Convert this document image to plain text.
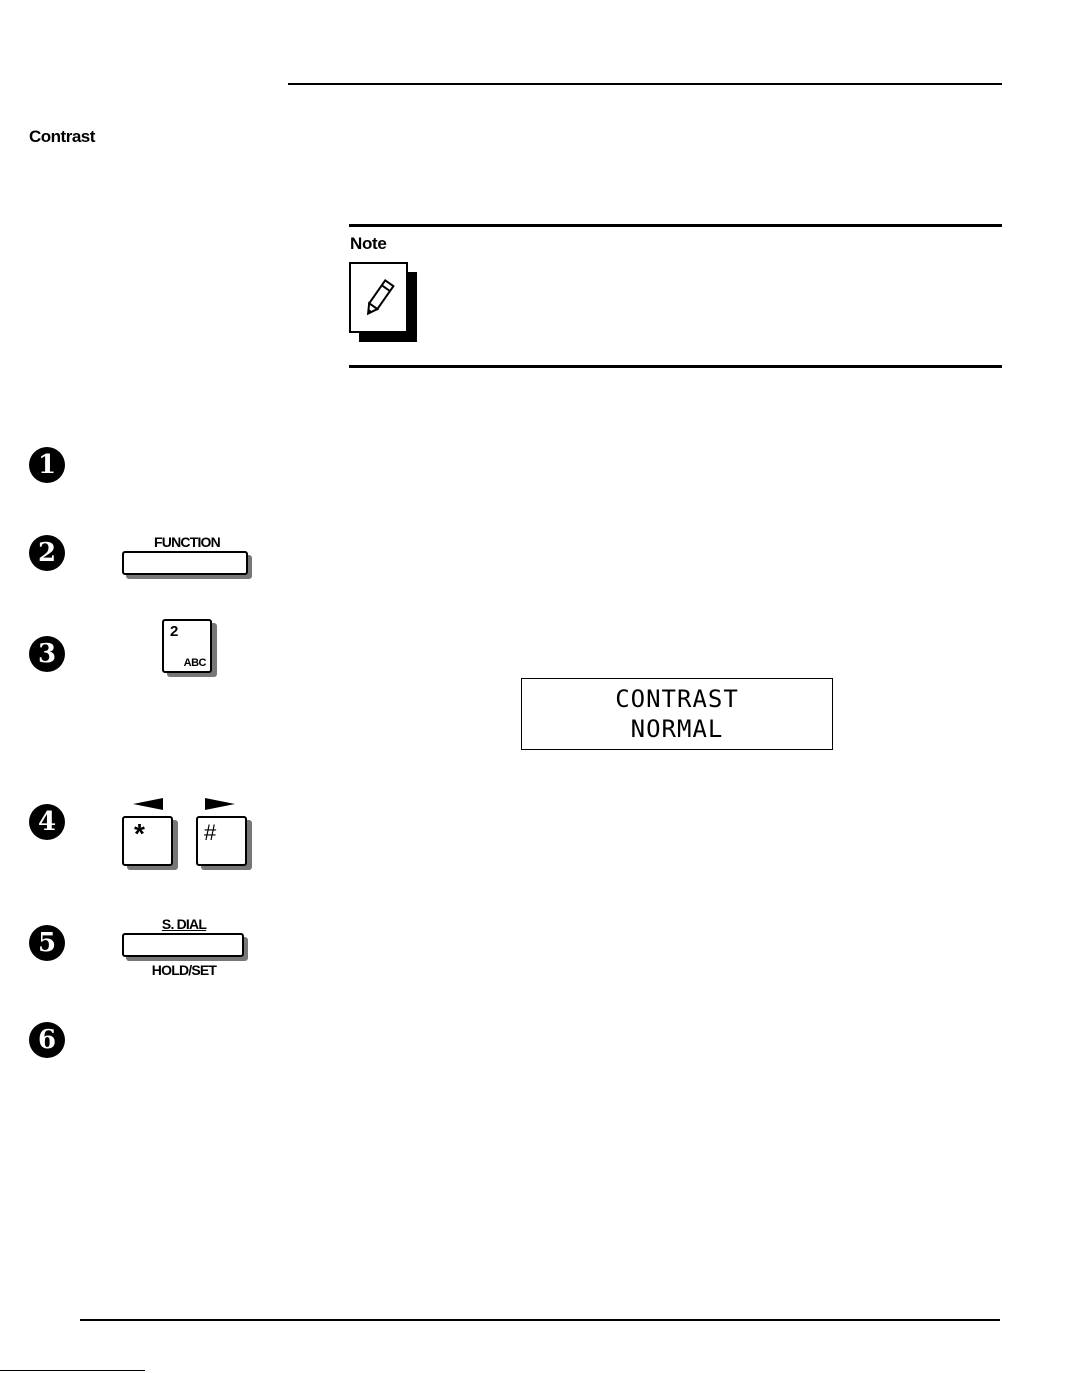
Contrast
Note
1
2	FUNCTION
3
2
ABC
CONTRAST
NORMAL
4	*	#
5
S. DIAL
HOLD/SET
6
